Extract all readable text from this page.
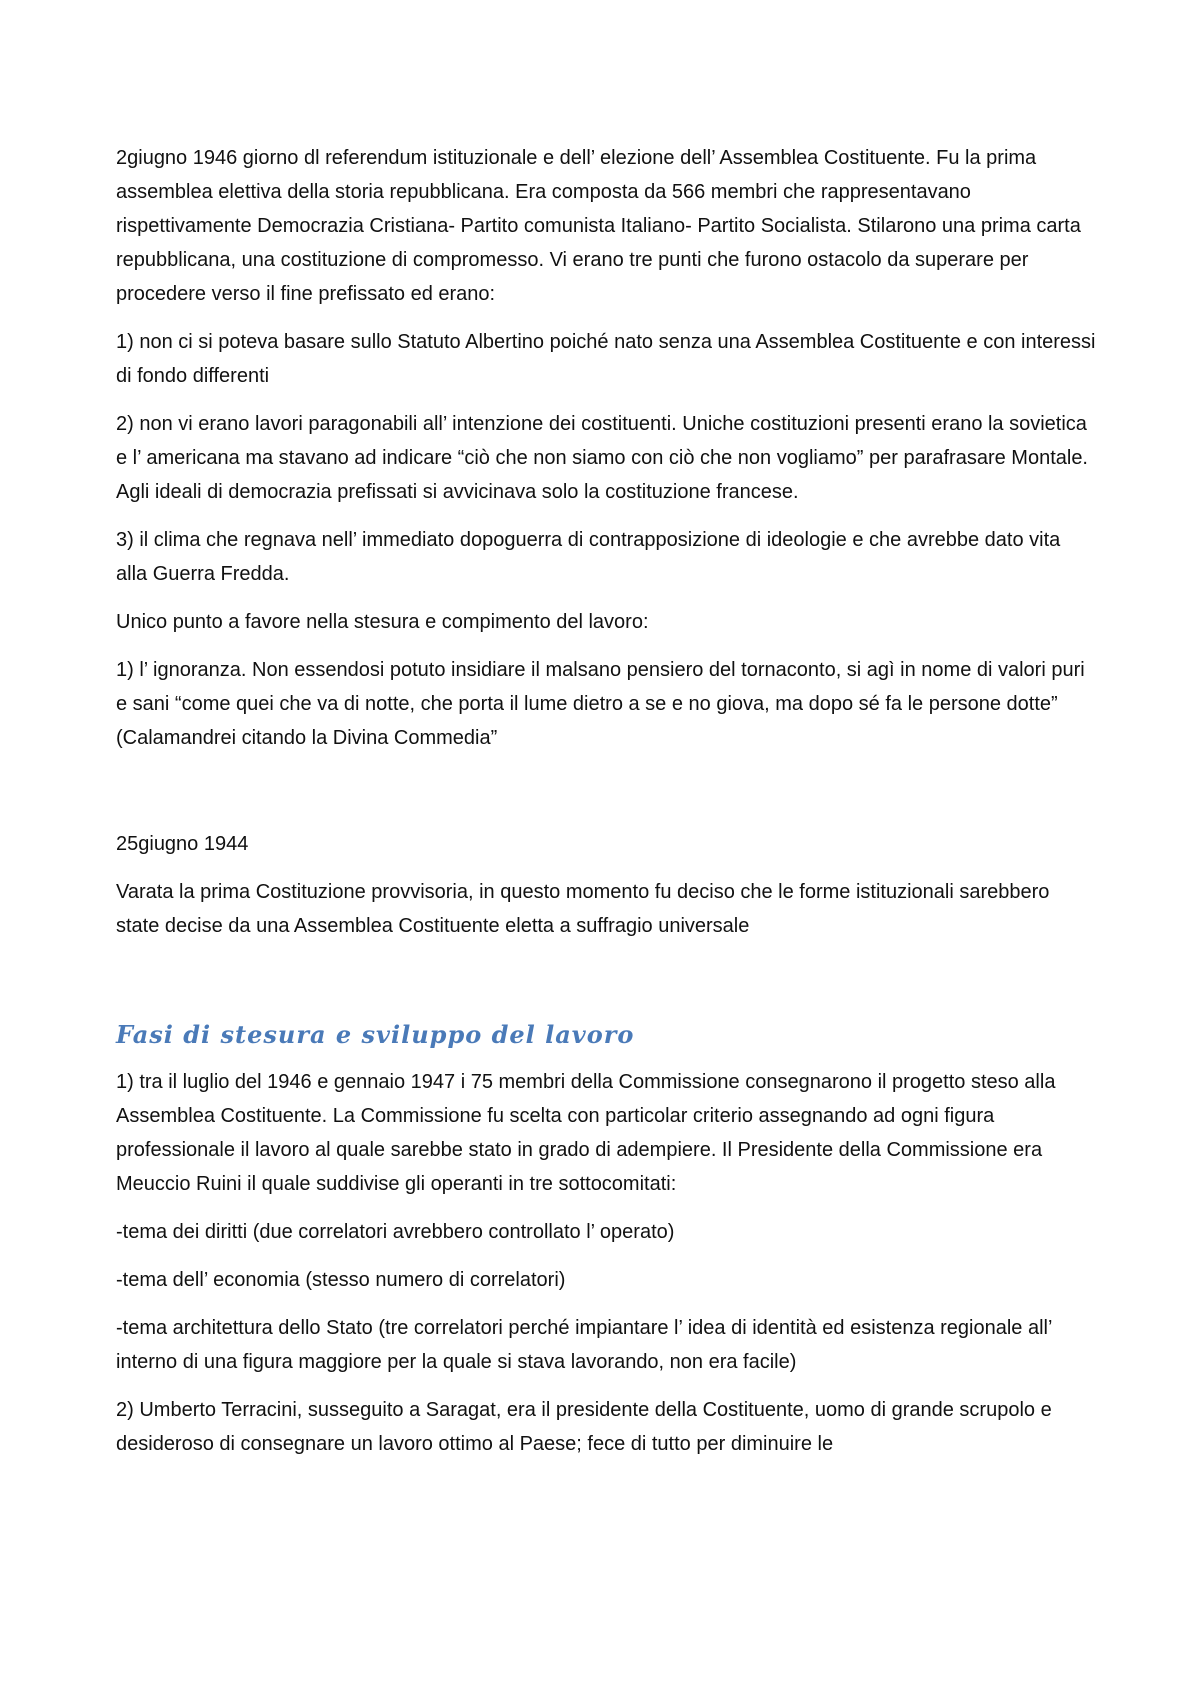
2giugno 1946 giorno dl referendum istituzionale e dell’ elezione dell’ Assemblea Costituente. Fu la prima assemblea elettiva della storia repubblicana. Era composta da 566 membri che rappresentavano rispettivamente Democrazia Cristiana- Partito comunista Italiano- Partito Socialista. Stilarono una prima carta repubblicana, una costituzione di compromesso. Vi erano tre punti che furono ostacolo da superare per procedere verso il fine prefissato ed erano:

1) non ci si poteva basare sullo Statuto Albertino poiché nato senza una Assemblea Costituente e con interessi di fondo differenti

2) non vi erano lavori paragonabili all’ intenzione dei costituenti. Uniche costituzioni presenti erano la sovietica e l’ americana ma stavano ad indicare “ciò che non siamo con ciò che non vogliamo” per parafrasare Montale. Agli ideali di democrazia prefissati si avvicinava solo la costituzione francese.

3) il clima che regnava nell’ immediato dopoguerra di contrapposizione di ideologie e che avrebbe dato vita alla Guerra Fredda.

Unico punto a favore nella stesura e compimento del lavoro:

1) l’ ignoranza. Non essendosi potuto insidiare il malsano pensiero del tornaconto, si agì in nome di valori puri e sani “come quei che va di notte, che porta il lume dietro a se e no giova, ma dopo sé fa le persone dotte” (Calamandrei citando la Divina Commedia”

25giugno 1944

Varata la prima Costituzione provvisoria, in questo momento fu deciso che le forme istituzionali sarebbero state decise da una Assemblea Costituente eletta a suffragio universale

Fasi di stesura e sviluppo del lavoro

1) tra il luglio del 1946 e gennaio 1947 i 75 membri della Commissione consegnarono il progetto steso alla Assemblea Costituente. La Commissione fu scelta con particolar criterio assegnando ad ogni figura professionale il lavoro al quale sarebbe stato in grado di adempiere. Il Presidente della Commissione era Meuccio Ruini il quale suddivise gli operanti in tre sottocomitati:

-tema dei diritti (due correlatori avrebbero controllato l’ operato)

-tema dell’ economia (stesso numero di correlatori)

-tema architettura dello Stato (tre correlatori perché impiantare l’ idea di identità ed esistenza regionale all’ interno di una figura maggiore per la quale si stava lavorando, non era facile)

2) Umberto Terracini, susseguito a Saragat, era il presidente della Costituente, uomo di grande scrupolo e desideroso di consegnare un lavoro ottimo al Paese; fece di tutto per diminuire le
